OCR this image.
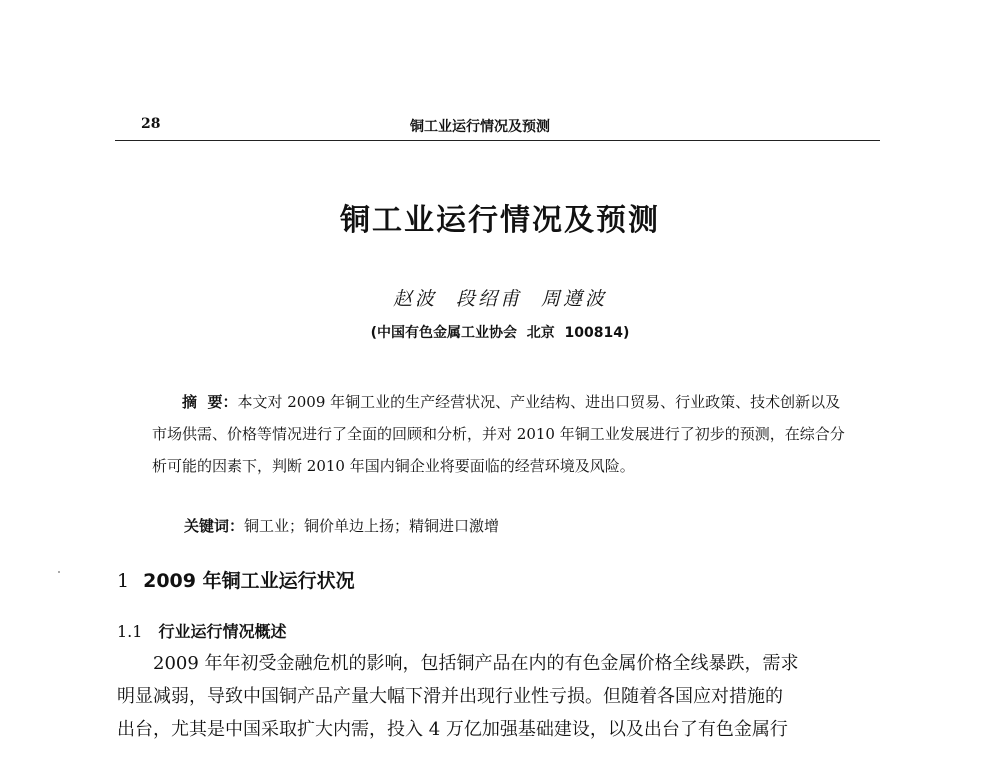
28	铜工业运行情况及预测
铜工业运行情况及预测
赵波 段绍甫 周遵波
(中国有色金属工业协会  北京  100814)

摘  要：本文对 2009 年铜工业的生产经营状况、产业结构、进出口贸易、行业政策、技术创新以及市场供需、价格等情况进行了全面的回顾和分析，并对 2010 年铜工业发展进行了初步的预测，在综合分析可能的因素下，判断 2010 年国内铜企业将要面临的经营环境及风险。

关键词：铜工业；铜价单边上扬；精铜进口激增
1 2009 年铜工业运行状况
1.1 行业运行情况概述

2009 年年初受金融危机的影响，包括铜产品在内的有色金属价格全线暴跌，需求
明显减弱，导致中国铜产品产量大幅下滑并出现行业性亏损。但随着各国应对措施的
出台，尤其是中国采取扩大内需，投入 4 万亿加强基础建设，以及出台了有色金属行
